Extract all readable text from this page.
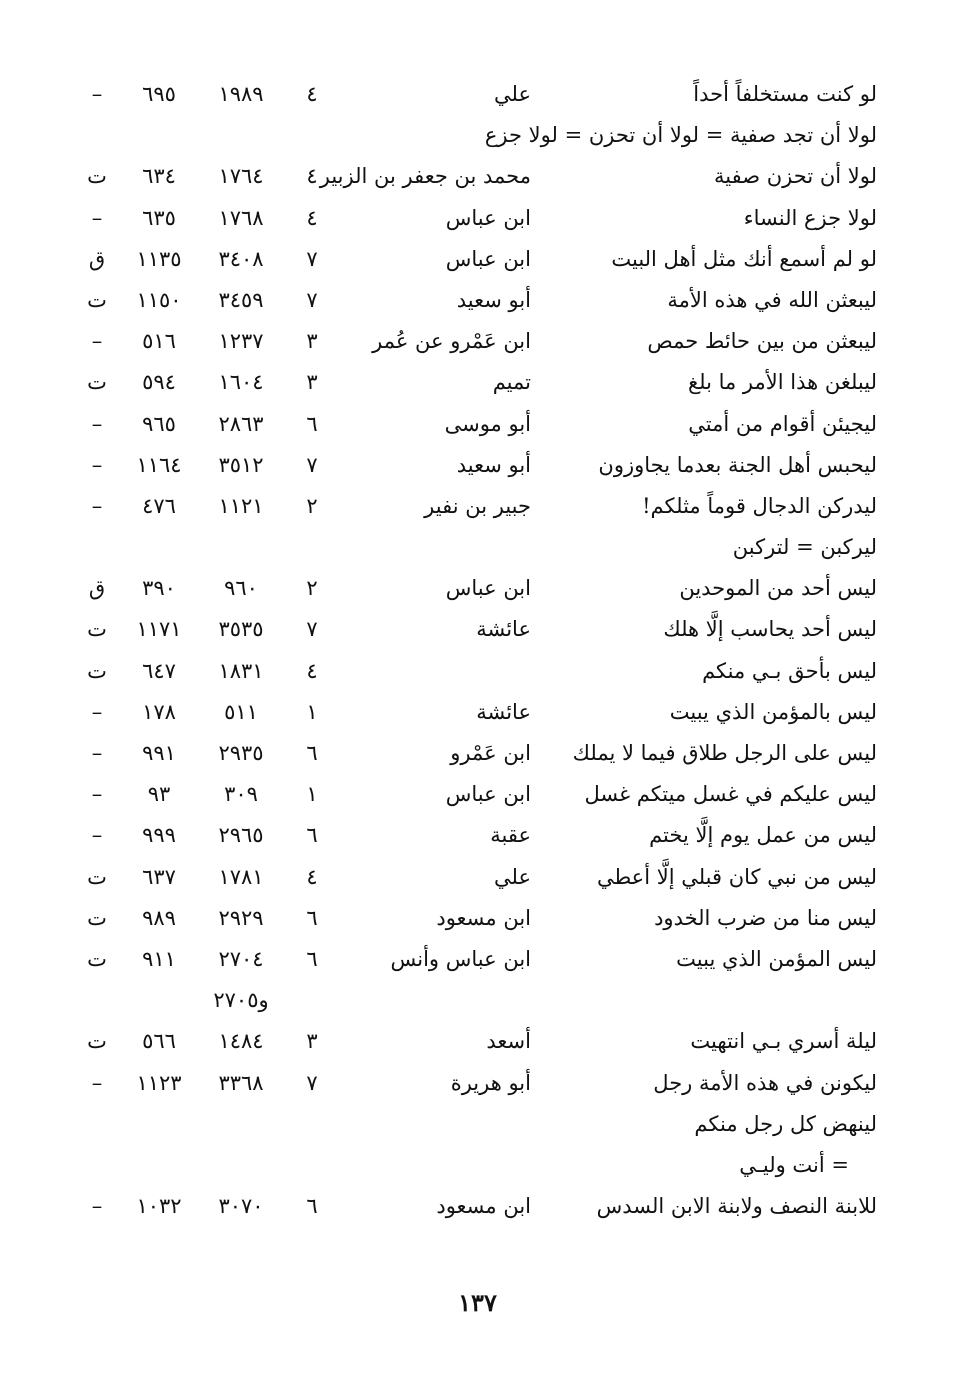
لو كنت مستخلفاً أحداً
علي
٤
١٩٨٩
٦٩٥
–
لولا أن تجد صفية = لولا أن تحزن = لولا جزع
لولا أن تحزن صفية
محمد بن جعفر بن الزبير
٤
١٧٦٤
٦٣٤
ت
لولا جزع النساء
ابن عباس
٤
١٧٦٨
٦٣٥
–
لو لم أسمع أنك مثل أهل البيت
ابن عباس
٧
٣٤٠٨
١١٣٥
ق
ليبعثن الله في هذه الأمة
أبو سعيد
٧
٣٤٥٩
١١٥٠
ت
ليبعثن من بين حائط حمص
ابن عَمْرو عن عُمر
٣
١٢٣٧
٥١٦
–
ليبلغن هذا الأمر ما بلغ
تميم
٣
١٦٠٤
٥٩٤
ت
ليجيئن أقوام من أمتي
أبو موسى
٦
٢٨٦٣
٩٦٥
–
ليحبس أهل الجنة بعدما يجاوزون
أبو سعيد
٧
٣٥١٢
١١٦٤
–
ليدركن الدجال قوماً مثلكم!
جبير بن نفير
٢
١١٢١
٤٧٦
–
ليركبن = لتركبن
ليس أحد من الموحدين
ابن عباس
٢
٩٦٠
٣٩٠
ق
ليس أحد يحاسب إلَّا هلك
عائشة
٧
٣٥٣٥
١١٧١
ت
ليس بأحق بـي منكم
٤
١٨٣١
٦٤٧
ت
ليس بالمؤمن الذي يبيت
عائشة
١
٥١١
١٧٨
–
ليس على الرجل طلاق فيما لا يملك
ابن عَمْرو
٦
٢٩٣٥
٩٩١
–
ليس عليكم في غسل ميتكم غسل
ابن عباس
١
٣٠٩
٩٣
–
ليس من عمل يوم إلَّا يختم
عقبة
٦
٢٩٦٥
٩٩٩
–
ليس من نبي كان قبلي إلَّا أعطي
علي
٤
١٧٨١
٦٣٧
ت
ليس منا من ضرب الخدود
ابن مسعود
٦
٢٩٢٩
٩٨٩
ت
ليس المؤمن الذي يبيت
ابن عباس وأنس
٦
٢٧٠٤
٩١١
ت
و٢٧٠٥
ليلة أسري بـي انتهيت
أسعد
٣
١٤٨٤
٥٦٦
ت
ليكونن في هذه الأمة رجل
أبو هريرة
٧
٣٣٦٨
١١٢٣
–
لينهض كل رجل منكم
= أنت وليـي
للابنة النصف ولابنة الابن السدس
ابن مسعود
٦
٣٠٧٠
١٠٣٢
–
١٣٧
